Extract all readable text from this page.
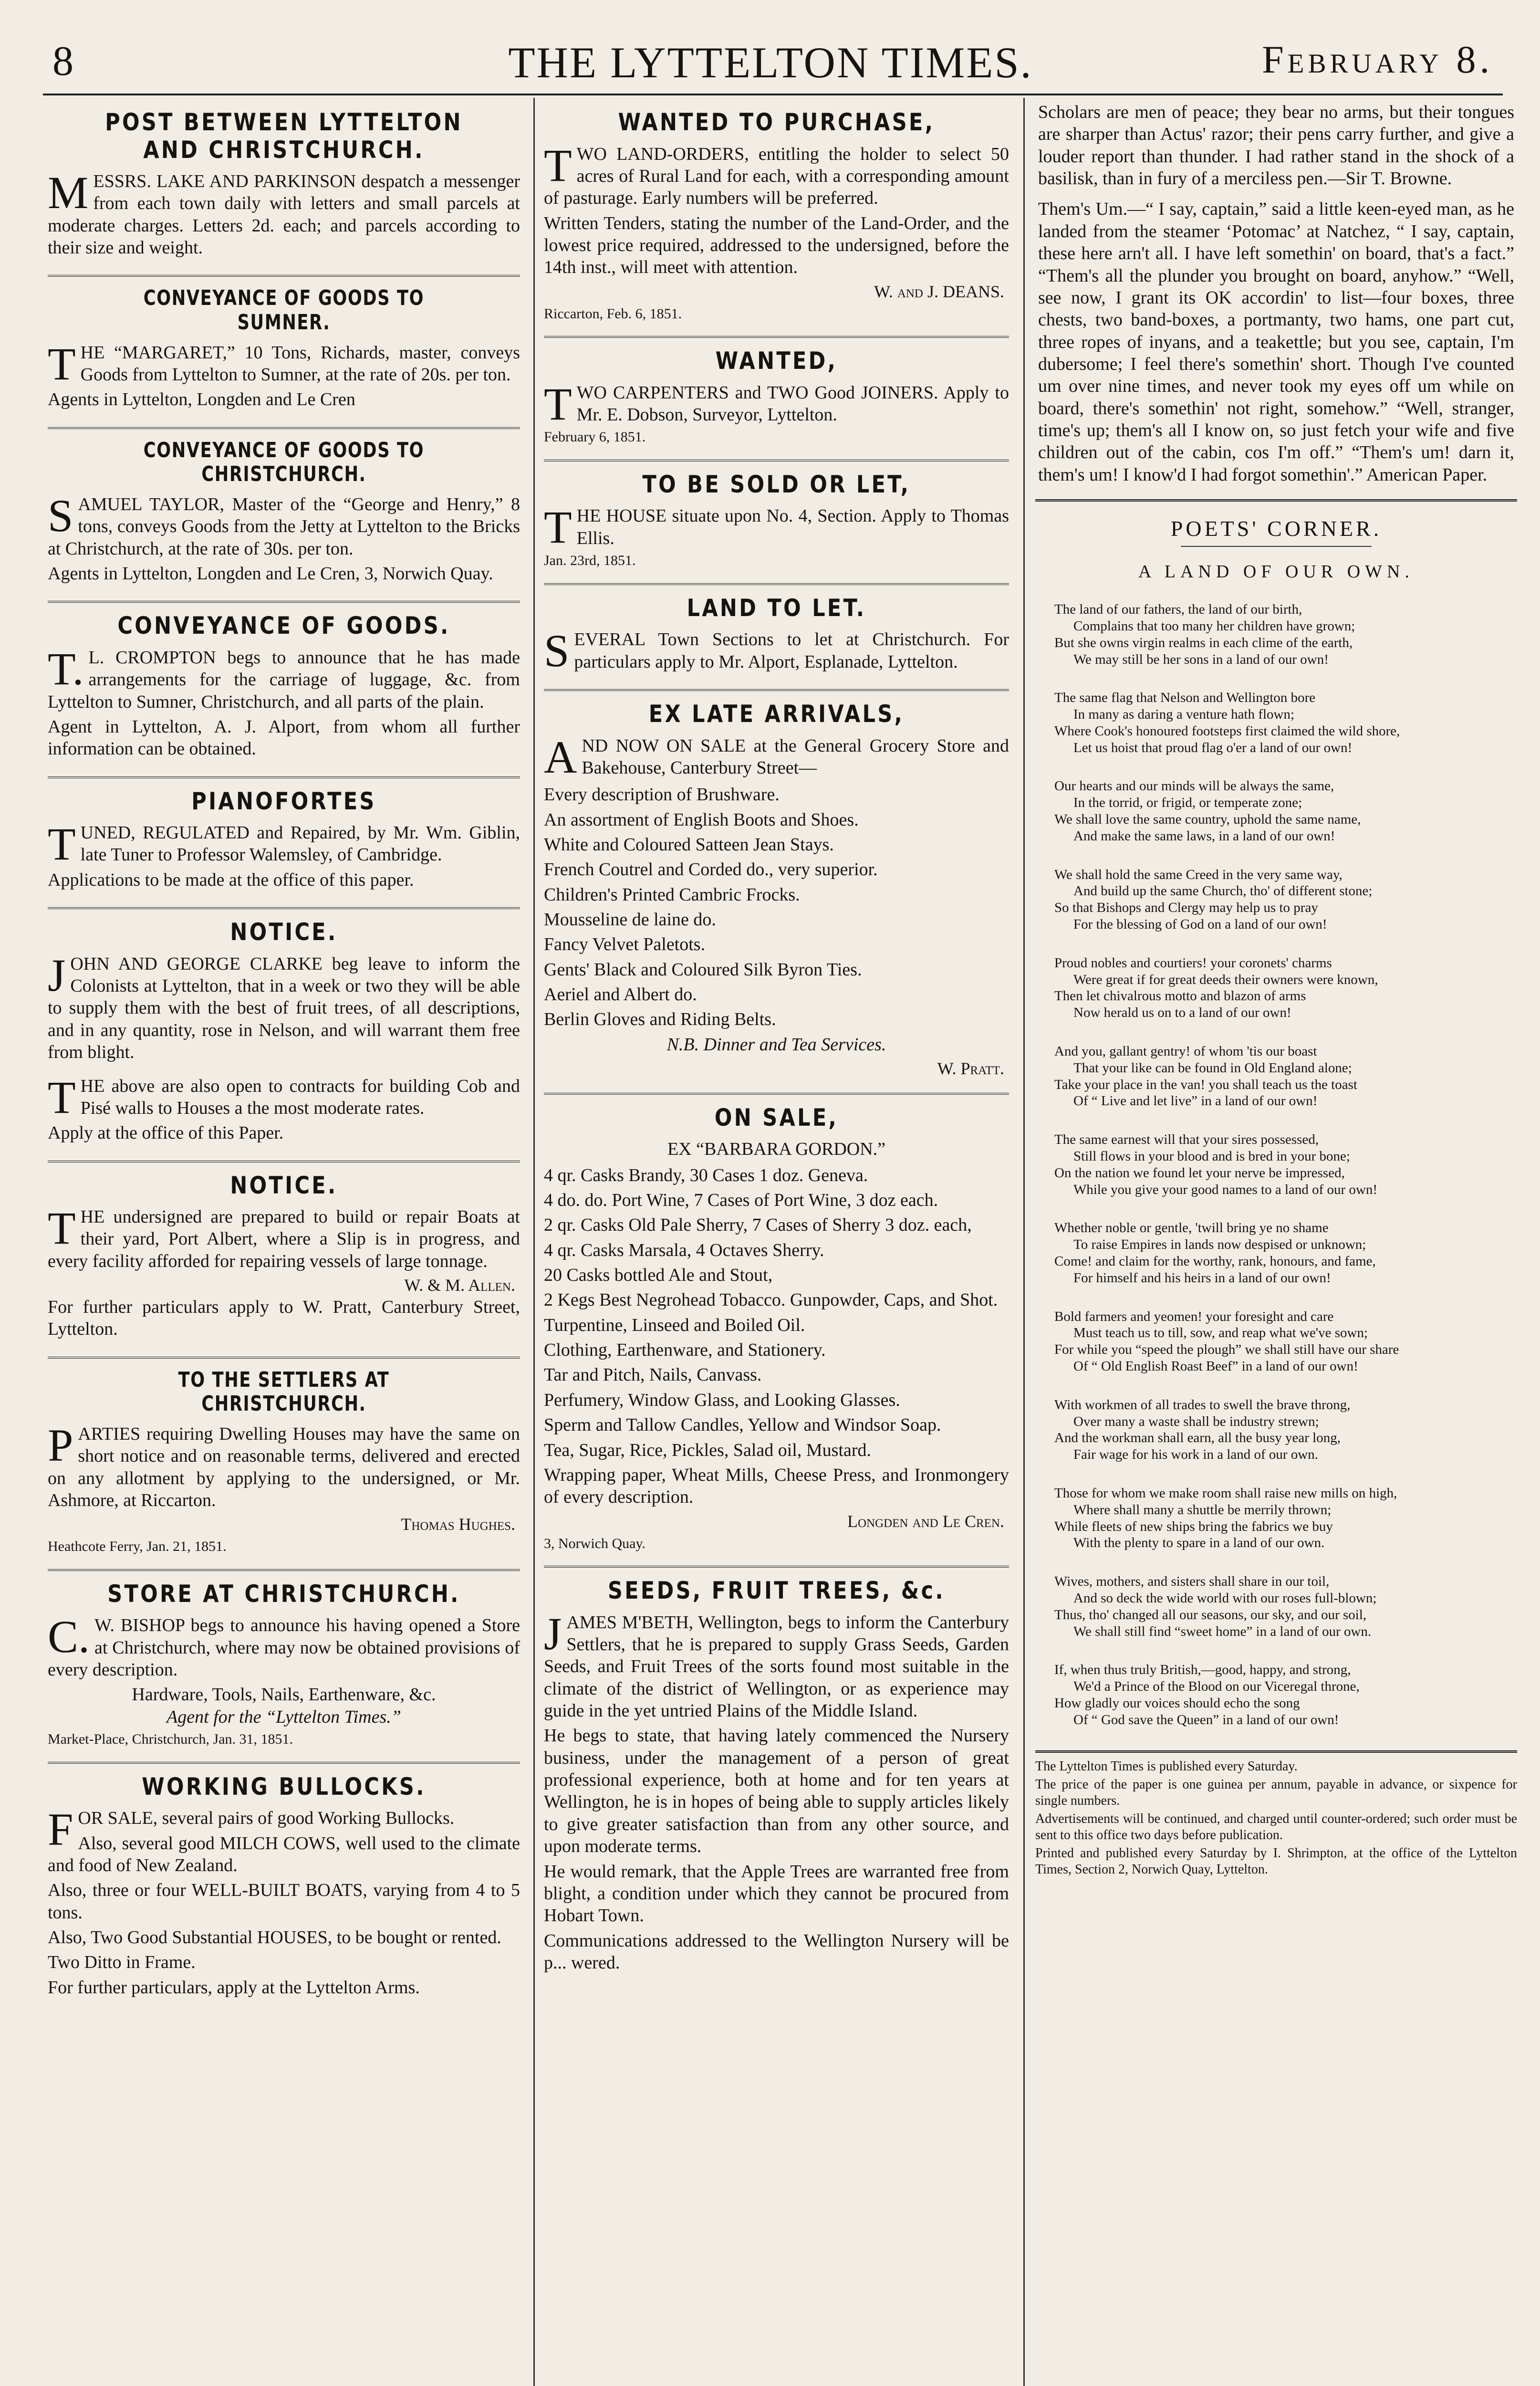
8	THE LYTTELTON TIMES.	February 8.
POST BETWEEN LYTTELTON AND CHRISTCHURCH.

MESSRS. LAKE AND PARKINSON despatch a messenger from each town daily with letters and small parcels at moderate charges. Letters 2d. each; and parcels according to their size and weight.

CONVEYANCE OF GOODS TO SUMNER.

THE “MARGARET,” 10 Tons, Richards, master, conveys Goods from Lyttelton to Sumner, at the rate of 20s. per ton.

Agents in Lyttelton, Longden and Le Cren

CONVEYANCE OF GOODS TO CHRISTCHURCH.

SAMUEL TAYLOR, Master of the “George and Henry,” 8 tons, conveys Goods from the Jetty at Lyttelton to the Bricks at Christchurch, at the rate of 30s. per ton.

Agents in Lyttelton, Longden and Le Cren, 3, Norwich Quay.

CONVEYANCE OF GOODS.

T.L. CROMPTON begs to announce that he has made arrangements for the carriage of luggage, &c. from Lyttelton to Sumner, Christchurch, and all parts of the plain.

Agent in Lyttelton, A. J. Alport, from whom all further information can be obtained.

PIANOFORTES

TUNED, REGULATED and Repaired, by Mr. Wm. Giblin, late Tuner to Professor Walemsley, of Cambridge.

Applications to be made at the office of this paper.

NOTICE.

JOHN AND GEORGE CLARKE beg leave to inform the Colonists at Lyttelton, that in a week or two they will be able to supply them with the best of fruit trees, of all descriptions, and in any quantity, rose in Nelson, and will warrant them free from blight.

THE above are also open to contracts for building Cob and Pisé walls to Houses a the most moderate rates.

Apply at the office of this Paper.

NOTICE.

THE undersigned are prepared to build or repair Boats at their yard, Port Albert, where a Slip is in progress, and every facility afforded for repairing vessels of large tonnage.

W. & M. Allen.

For further particulars apply to W. Pratt, Canterbury Street, Lyttelton.

TO THE SETTLERS AT CHRISTCHURCH.

PARTIES requiring Dwelling Houses may have the same on short notice and on reasonable terms, delivered and erected on any allotment by applying to the undersigned, or Mr. Ashmore, at Riccarton.

Thomas Hughes.
Heathcote Ferry, Jan. 21, 1851.
STORE AT CHRISTCHURCH.

C.W. BISHOP begs to announce his having opened a Store at Christchurch, where may now be obtained provisions of every description.

Hardware, Tools, Nails, Earthenware, &c.
Agent for the “Lyttelton Times.”
Market-Place, Christchurch, Jan. 31, 1851.
WORKING BULLOCKS.

FOR SALE, several pairs of good Working Bullocks.

Also, several good MILCH COWS, well used to the climate and food of New Zealand.

Also, three or four WELL-BUILT BOATS, varying from 4 to 5 tons.

Also, Two Good Substantial HOUSES, to be bought or rented.

Two Ditto in Frame.

For further particulars, apply at the Lyttelton Arms.

WANTED TO PURCHASE,

TWO LAND-ORDERS, entitling the holder to select 50 acres of Rural Land for each, with a corresponding amount of pasturage. Early numbers will be preferred.

Written Tenders, stating the number of the Land-Order, and the lowest price required, addressed to the undersigned, before the 14th inst., will meet with attention.

W. and J. DEANS.
Riccarton, Feb. 6, 1851.
WANTED,

TWO CARPENTERS and TWO Good JOINERS. Apply to Mr. E. Dobson, Surveyor, Lyttelton.

February 6, 1851.
TO BE SOLD OR LET,

THE HOUSE situate upon No. 4, Section. Apply to Thomas Ellis.

Jan. 23rd, 1851.
LAND TO LET.

SEVERAL Town Sections to let at Christchurch. For particulars apply to Mr. Alport, Esplanade, Lyttelton.

EX LATE ARRIVALS,

AND NOW ON SALE at the General Grocery Store and Bakehouse, Canterbury Street—

Every description of Brushware.

An assortment of English Boots and Shoes.

White and Coloured Satteen Jean Stays.

French Coutrel and Corded do., very superior.

Children's Printed Cambric Frocks.

Mousseline de laine do.

Fancy Velvet Paletots.

Gents' Black and Coloured Silk Byron Ties.

Aeriel and Albert do.

Berlin Gloves and Riding Belts.

N.B. Dinner and Tea Services.
W. Pratt.
ON SALE,
EX “BARBARA GORDON.”

4 qr. Casks Brandy, 30 Cases 1 doz. Geneva.

4 do. do. Port Wine, 7 Cases of Port Wine, 3 doz each.

2 qr. Casks Old Pale Sherry, 7 Cases of Sherry 3 doz. each,

4 qr. Casks Marsala, 4 Octaves Sherry.

20 Casks bottled Ale and Stout,

2 Kegs Best Negrohead Tobacco. Gunpowder, Caps, and Shot.

Turpentine, Linseed and Boiled Oil.

Clothing, Earthenware, and Stationery.

Tar and Pitch, Nails, Canvass.

Perfumery, Window Glass, and Looking Glasses.

Sperm and Tallow Candles, Yellow and Windsor Soap.

Tea, Sugar, Rice, Pickles, Salad oil, Mustard.

Wrapping paper, Wheat Mills, Cheese Press, and Ironmongery of every description.

Longden and Le Cren.
3, Norwich Quay.
SEEDS, FRUIT TREES, &c.

JAMES M'BETH, Wellington, begs to inform the Canterbury Settlers, that he is prepared to supply Grass Seeds, Garden Seeds, and Fruit Trees of the sorts found most suitable in the climate of the district of Wellington, or as experience may guide in the yet untried Plains of the Middle Island.

He begs to state, that having lately commenced the Nursery business, under the management of a person of great professional experience, both at home and for ten years at Wellington, he is in hopes of being able to supply articles likely to give greater satisfaction than from any other source, and upon moderate terms.

He would remark, that the Apple Trees are warranted free from blight, a condition under which they cannot be procured from Hobart Town.

Communications addressed to the Wellington Nursery will be p... wered.

Scholars are men of peace; they bear no arms, but their tongues are sharper than Actus' razor; their pens carry further, and give a louder report than thunder. I had rather stand in the shock of a basilisk, than in fury of a merciless pen.—Sir T. Browne.

Them's Um.—“ I say, captain,” said a little keen-eyed man, as he landed from the steamer ‘Potomac’ at Natchez, “ I say, captain, these here arn't all. I have left somethin' on board, that's a fact.” “Them's all the plunder you brought on board, anyhow.” “Well, see now, I grant its OK accordin' to list—four boxes, three chests, two band-boxes, a portmanty, two hams, one part cut, three ropes of inyans, and a teakettle; but you see, captain, I'm dubersome; I feel there's somethin' short. Though I've counted um over nine times, and never took my eyes off um while on board, there's somethin' not right, somehow.” “Well, stranger, time's up; them's all I know on, so just fetch your wife and five children out of the cabin, cos I'm off.” “Them's um! darn it, them's um! I know'd I had forgot somethin'.” American Paper.

POETS' CORNER.
A LAND OF OUR OWN.
The land of our fathers, the land of our birth,
Complains that too many her children have grown;
But she owns virgin realms in each clime of the earth,
We may still be her sons in a land of our own!
The same flag that Nelson and Wellington bore
In many as daring a venture hath flown;
Where Cook's honoured footsteps first claimed the wild shore,
Let us hoist that proud flag o'er a land of our own!
Our hearts and our minds will be always the same,
In the torrid, or frigid, or temperate zone;
We shall love the same country, uphold the same name,
And make the same laws, in a land of our own!
We shall hold the same Creed in the very same way,
And build up the same Church, tho' of different stone;
So that Bishops and Clergy may help us to pray
For the blessing of God on a land of our own!
Proud nobles and courtiers! your coronets' charms
Were great if for great deeds their owners were known,
Then let chivalrous motto and blazon of arms
Now herald us on to a land of our own!
And you, gallant gentry! of whom 'tis our boast
That your like can be found in Old England alone;
Take your place in the van! you shall teach us the toast
Of “ Live and let live” in a land of our own!
The same earnest will that your sires possessed,
Still flows in your blood and is bred in your bone;
On the nation we found let your nerve be impressed,
While you give your good names to a land of our own!
Whether noble or gentle, 'twill bring ye no shame
To raise Empires in lands now despised or unknown;
Come! and claim for the worthy, rank, honours, and fame,
For himself and his heirs in a land of our own!
Bold farmers and yeomen! your foresight and care
Must teach us to till, sow, and reap what we've sown;
For while you “speed the plough” we shall still have our share
Of “ Old English Roast Beef” in a land of our own!
With workmen of all trades to swell the brave throng,
Over many a waste shall be industry strewn;
And the workman shall earn, all the busy year long,
Fair wage for his work in a land of our own.
Those for whom we make room shall raise new mills on high,
Where shall many a shuttle be merrily thrown;
While fleets of new ships bring the fabrics we buy
With the plenty to spare in a land of our own.
Wives, mothers, and sisters shall share in our toil,
And so deck the wide world with our roses full-blown;
Thus, tho' changed all our seasons, our sky, and our soil,
We shall still find “sweet home” in a land of our own.
If, when thus truly British,—good, happy, and strong,
We'd a Prince of the Blood on our Viceregal throne,
How gladly our voices should echo the song
Of “ God save the Queen” in a land of our own!

The Lyttelton Times is published every Saturday.

The price of the paper is one guinea per annum, payable in advance, or sixpence for single numbers.

Advertisements will be continued, and charged until counter-ordered; such order must be sent to this office two days before publication.

Printed and published every Saturday by I. Shrimpton, at the office of the Lyttelton Times, Section 2, Norwich Quay, Lyttelton.
